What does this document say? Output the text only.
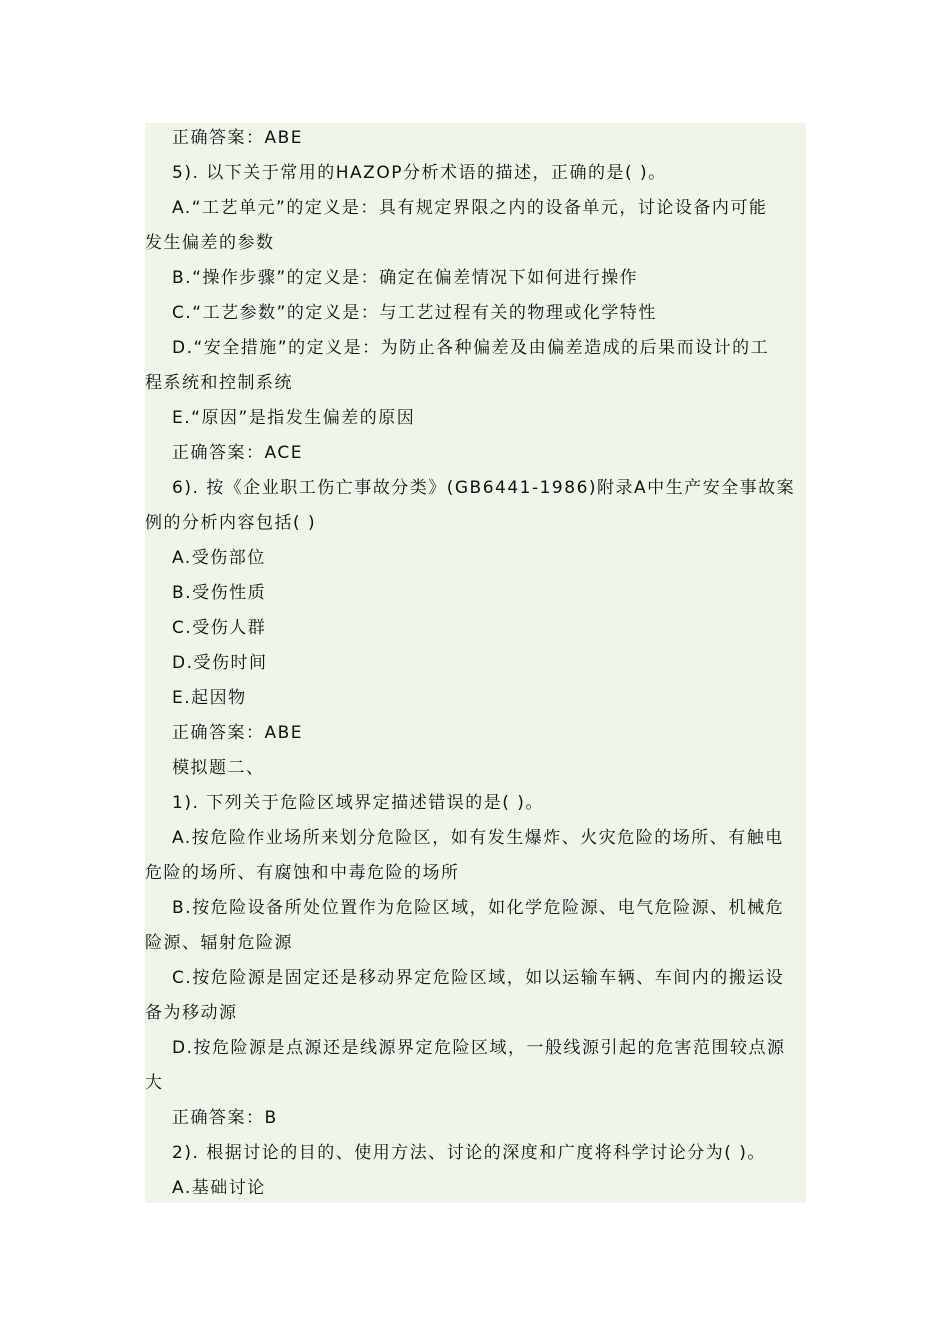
正确答案：ABE
5). 以下关于常用的HAZOP分析术语的描述，正确的是( )。
A.“工艺单元”的定义是：具有规定界限之内的设备单元，讨论设备内可能
发生偏差的参数
B.“操作步骤”的定义是：确定在偏差情况下如何进行操作
C.“工艺参数”的定义是：与工艺过程有关的物理或化学特性
D.“安全措施”的定义是：为防止各种偏差及由偏差造成的后果而设计的工
程系统和控制系统
E.“原因”是指发生偏差的原因
正确答案：ACE
6). 按《企业职工伤亡事故分类》(GB6441-1986)附录A中生产安全事故案
例的分析内容包括( )
A.受伤部位
B.受伤性质
C.受伤人群
D.受伤时间
E.起因物
正确答案：ABE
模拟题二、
1). 下列关于危险区域界定描述错误的是( )。
A.按危险作业场所来划分危险区，如有发生爆炸、火灾危险的场所、有触电
危险的场所、有腐蚀和中毒危险的场所
B.按危险设备所处位置作为危险区域，如化学危险源、电气危险源、机械危
险源、辐射危险源
C.按危险源是固定还是移动界定危险区域，如以运输车辆、车间内的搬运设
备为移动源
D.按危险源是点源还是线源界定危险区域，一般线源引起的危害范围较点源
大
正确答案：B
2). 根据讨论的目的、使用方法、讨论的深度和广度将科学讨论分为( )。
A.基础讨论
